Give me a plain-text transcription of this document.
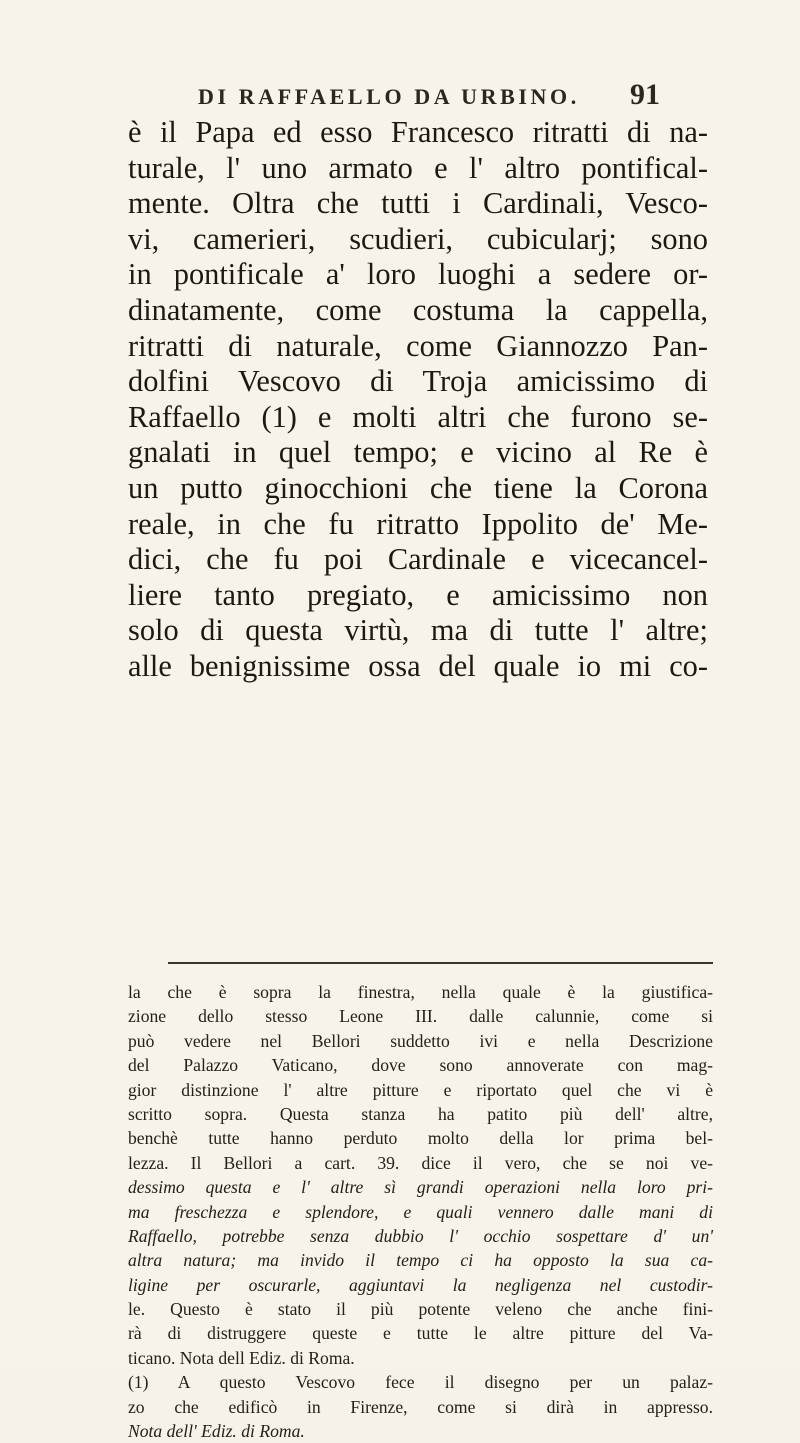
DI RAFFAELLO DA URBINO. 91
è il Papa ed esso Francesco ritratti di na-
turale, l' uno armato e l' altro pontifical-
mente. Oltra che tutti i Cardinali, Vesco-
vi, camerieri, scudieri, cubicularj; sono
in pontificale a' loro luoghi a sedere or-
dinatamente, come costuma la cappella,
ritratti di naturale, come Giannozzo Pan-
dolfini Vescovo di Troja amicissimo di
Raffaello (1) e molti altri che furono se-
gnalati in quel tempo; e vicino al Re è
un putto ginocchioni che tiene la Corona
reale, in che fu ritratto Ippolito de' Me-
dici, che fu poi Cardinale e vicecancel-
liere tanto pregiato, e amicissimo non
solo di questa virtù, ma di tutte l' altre;
alle benignissime ossa del quale io mi co-
la che è sopra la finestra, nella quale è la giustifica-
zione dello stesso Leone III. dalle calunnie, come si
può vedere nel Bellori suddetto ivi e nella Descrizione
del Palazzo Vaticano, dove sono annoverate con mag-
gior distinzione l' altre pitture e riportato quel che vi è
scritto sopra. Questa stanza ha patito più dell' altre,
benchè tutte hanno perduto molto della lor prima bel-
lezza. Il Bellori a cart. 39. dice il vero, che se noi ve-
dessimo questa e l' altre sì grandi operazioni nella loro pri-
ma freschezza e splendore, e quali vennero dalle mani di
Raffaello, potrebbe senza dubbio l' occhio sospettare d' un'
altra natura; ma invido il tempo ci ha opposto la sua ca-
ligine per oscurarle, aggiuntavi la negligenza nel custodir-
le. Questo è stato il più potente veleno che anche fini-
rà di distruggere queste e tutte le altre pitture del Va-
ticano. Nota dell Ediz. di Roma.
(1) A questo Vescovo fece il disegno per un palaz-
zo che edificò in Firenze, come si dirà in appresso.
Nota dell' Ediz. di Roma.
